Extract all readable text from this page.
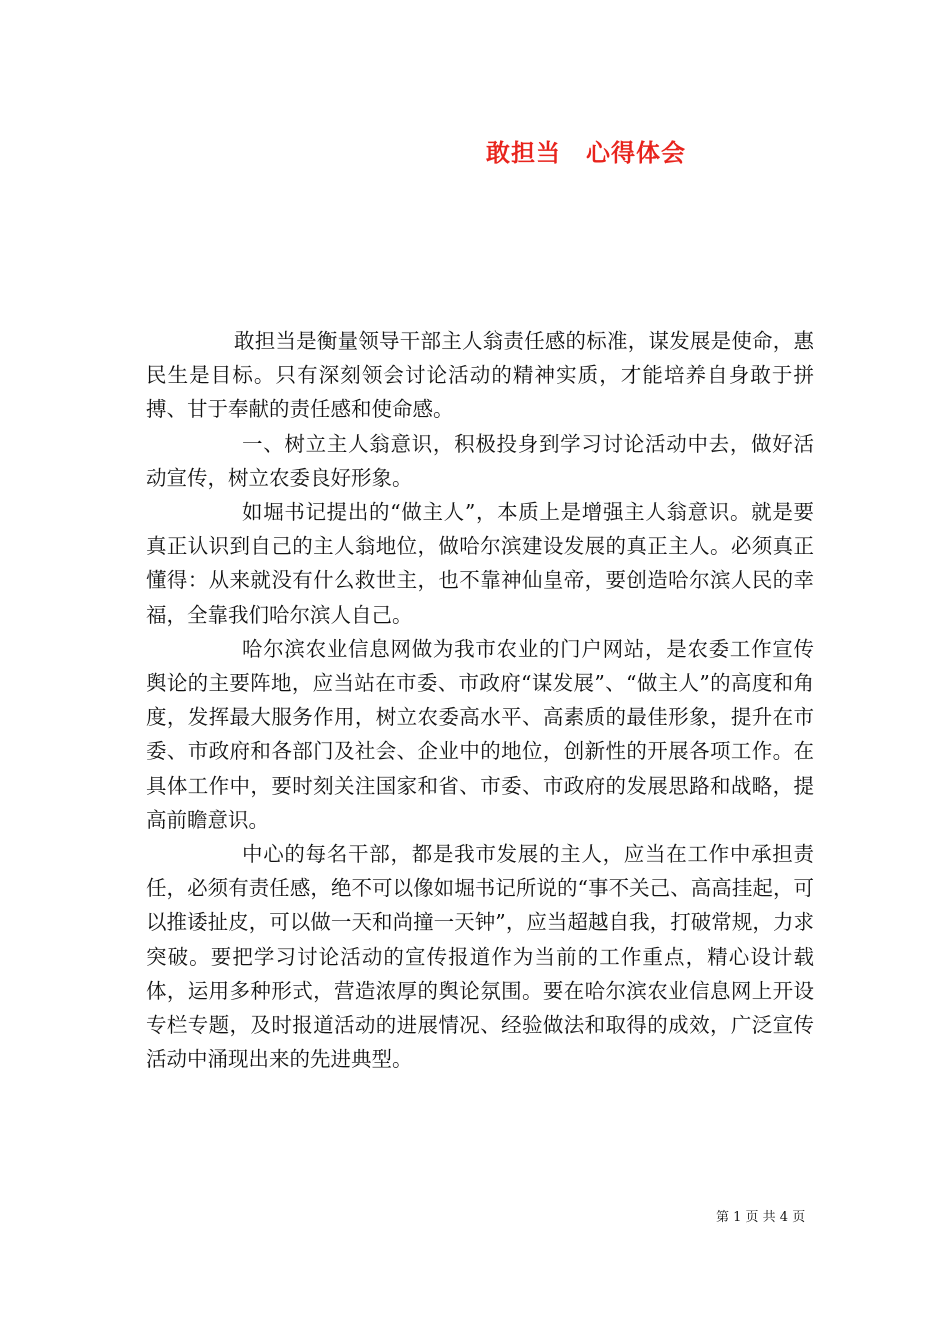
敢担当　心得体会

敢担当是衡量领导干部主人翁责任感的标准，谋发展是使命，惠民生是目标。只有深刻领会讨论活动的精神实质，才能培养自身敢于拼搏、甘于奉献的责任感和使命感。

一、树立主人翁意识，积极投身到学习讨论活动中去，做好活动宣传，树立农委良好形象。

如堀书记提出的“做主人”，本质上是增强主人翁意识。就是要真正认识到自己的主人翁地位，做哈尔滨建设发展的真正主人。必须真正懂得：从来就没有什么救世主，也不靠神仙皇帝，要创造哈尔滨人民的幸福，全靠我们哈尔滨人自己。

哈尔滨农业信息网做为我市农业的门户网站，是农委工作宣传舆论的主要阵地，应当站在市委、市政府“谋发展”、“做主人”的高度和角度，发挥最大服务作用，树立农委高水平、高素质的最佳形象，提升在市委、市政府和各部门及社会、企业中的地位，创新性的开展各项工作。在具体工作中，要时刻关注国家和省、市委、市政府的发展思路和战略，提高前瞻意识。

中心的每名干部，都是我市发展的主人，应当在工作中承担责任，必须有责任感，绝不可以像如堀书记所说的“事不关己、高高挂起，可以推诿扯皮，可以做一天和尚撞一天钟”，应当超越自我，打破常规，力求突破。要把学习讨论活动的宣传报道作为当前的工作重点，精心设计载体，运用多种形式，营造浓厚的舆论氛围。要在哈尔滨农业信息网上开设专栏专题，及时报道活动的进展情况、经验做法和取得的成效，广泛宣传活动中涌现出来的先进典型。

第 1 页 共 4 页
